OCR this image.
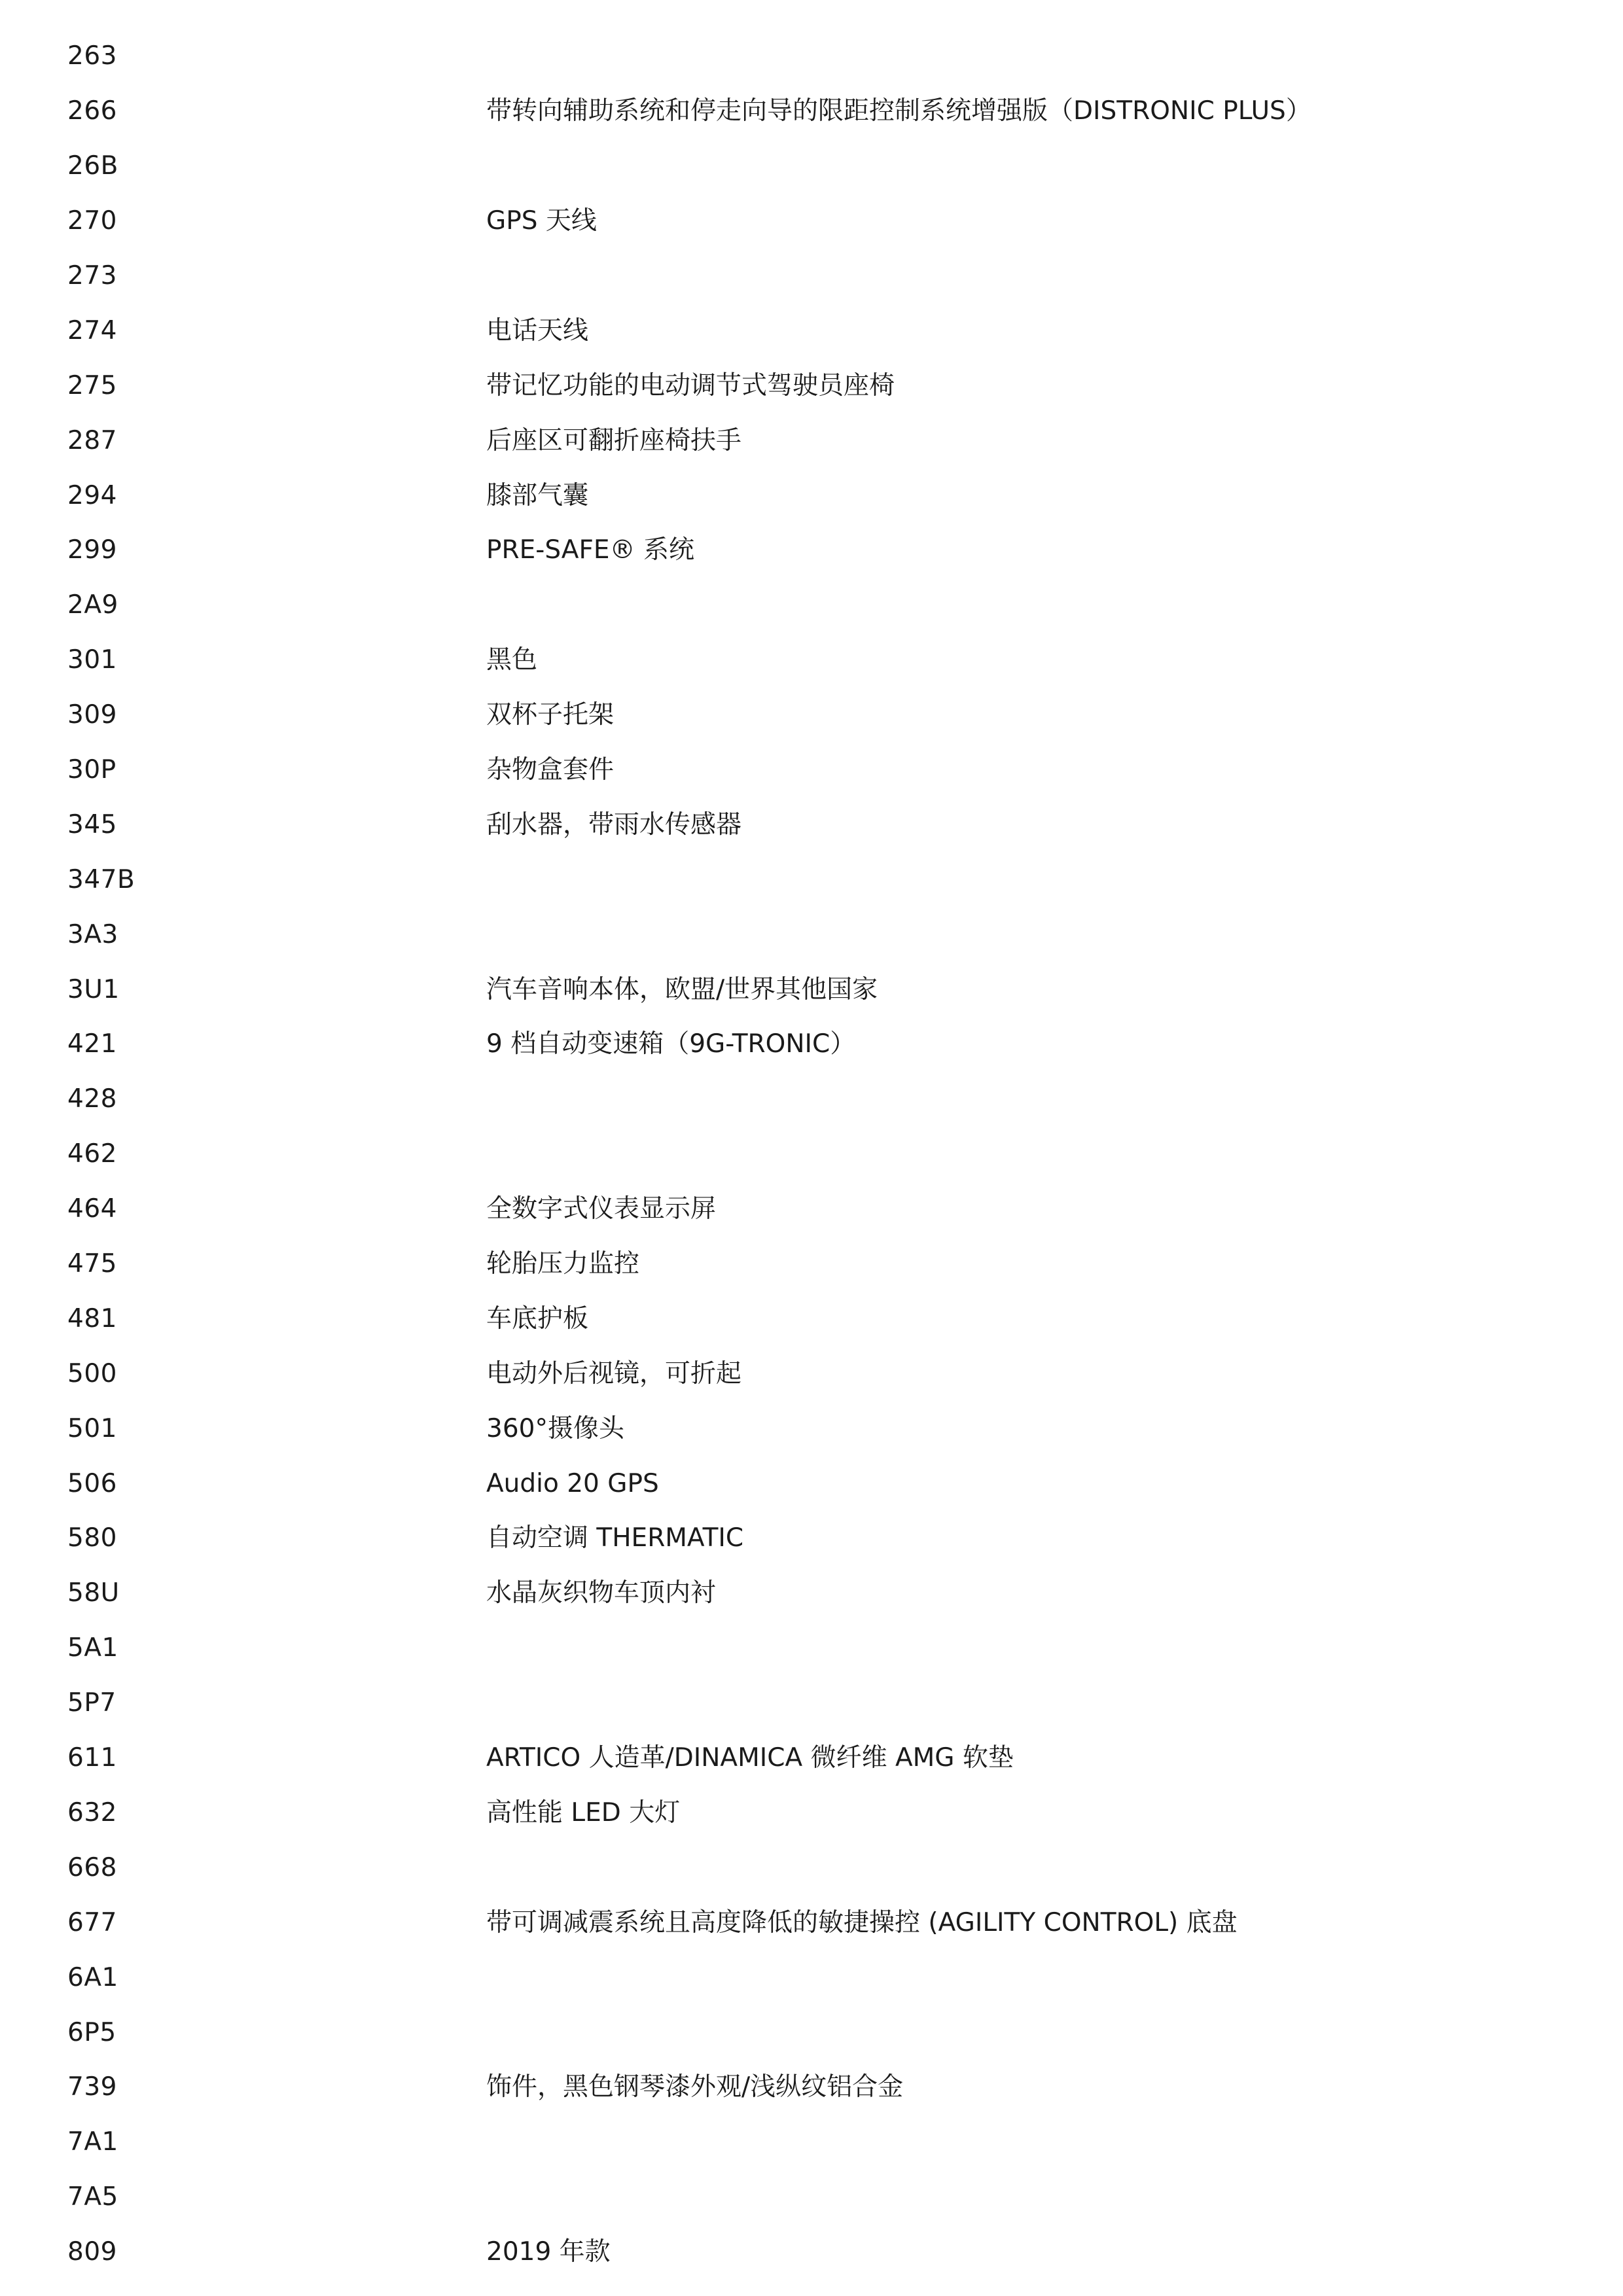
263
266	带转向辅助系统和停走向导的限距控制系统增强版（DISTRONIC PLUS）
26B
270	GPS 天线
273
274	电话天线
275	带记忆功能的电动调节式驾驶员座椅
287	后座区可翻折座椅扶手
294	膝部气囊
299	PRE-SAFE® 系统
2A9
301	黑色
309	双杯子托架
30P	杂物盒套件
345	刮水器，带雨水传感器
347B
3A3
3U1	汽车音响本体，欧盟/世界其他国家
421	9 档自动变速箱（9G-TRONIC）
428
462
464	全数字式仪表显示屏
475	轮胎压力监控
481	车底护板
500	电动外后视镜，可折起
501	360°摄像头
506	Audio 20 GPS
580	自动空调 THERMATIC
58U	水晶灰织物车顶内衬
5A1
5P7
611	ARTICO 人造革/DINAMICA 微纤维 AMG 软垫
632	高性能 LED 大灯
668
677	带可调减震系统且高度降低的敏捷操控 (AGILITY CONTROL) 底盘
6A1
6P5
739	饰件，黑色钢琴漆外观/浅纵纹铝合金
7A1
7A5
809	2019 年款
